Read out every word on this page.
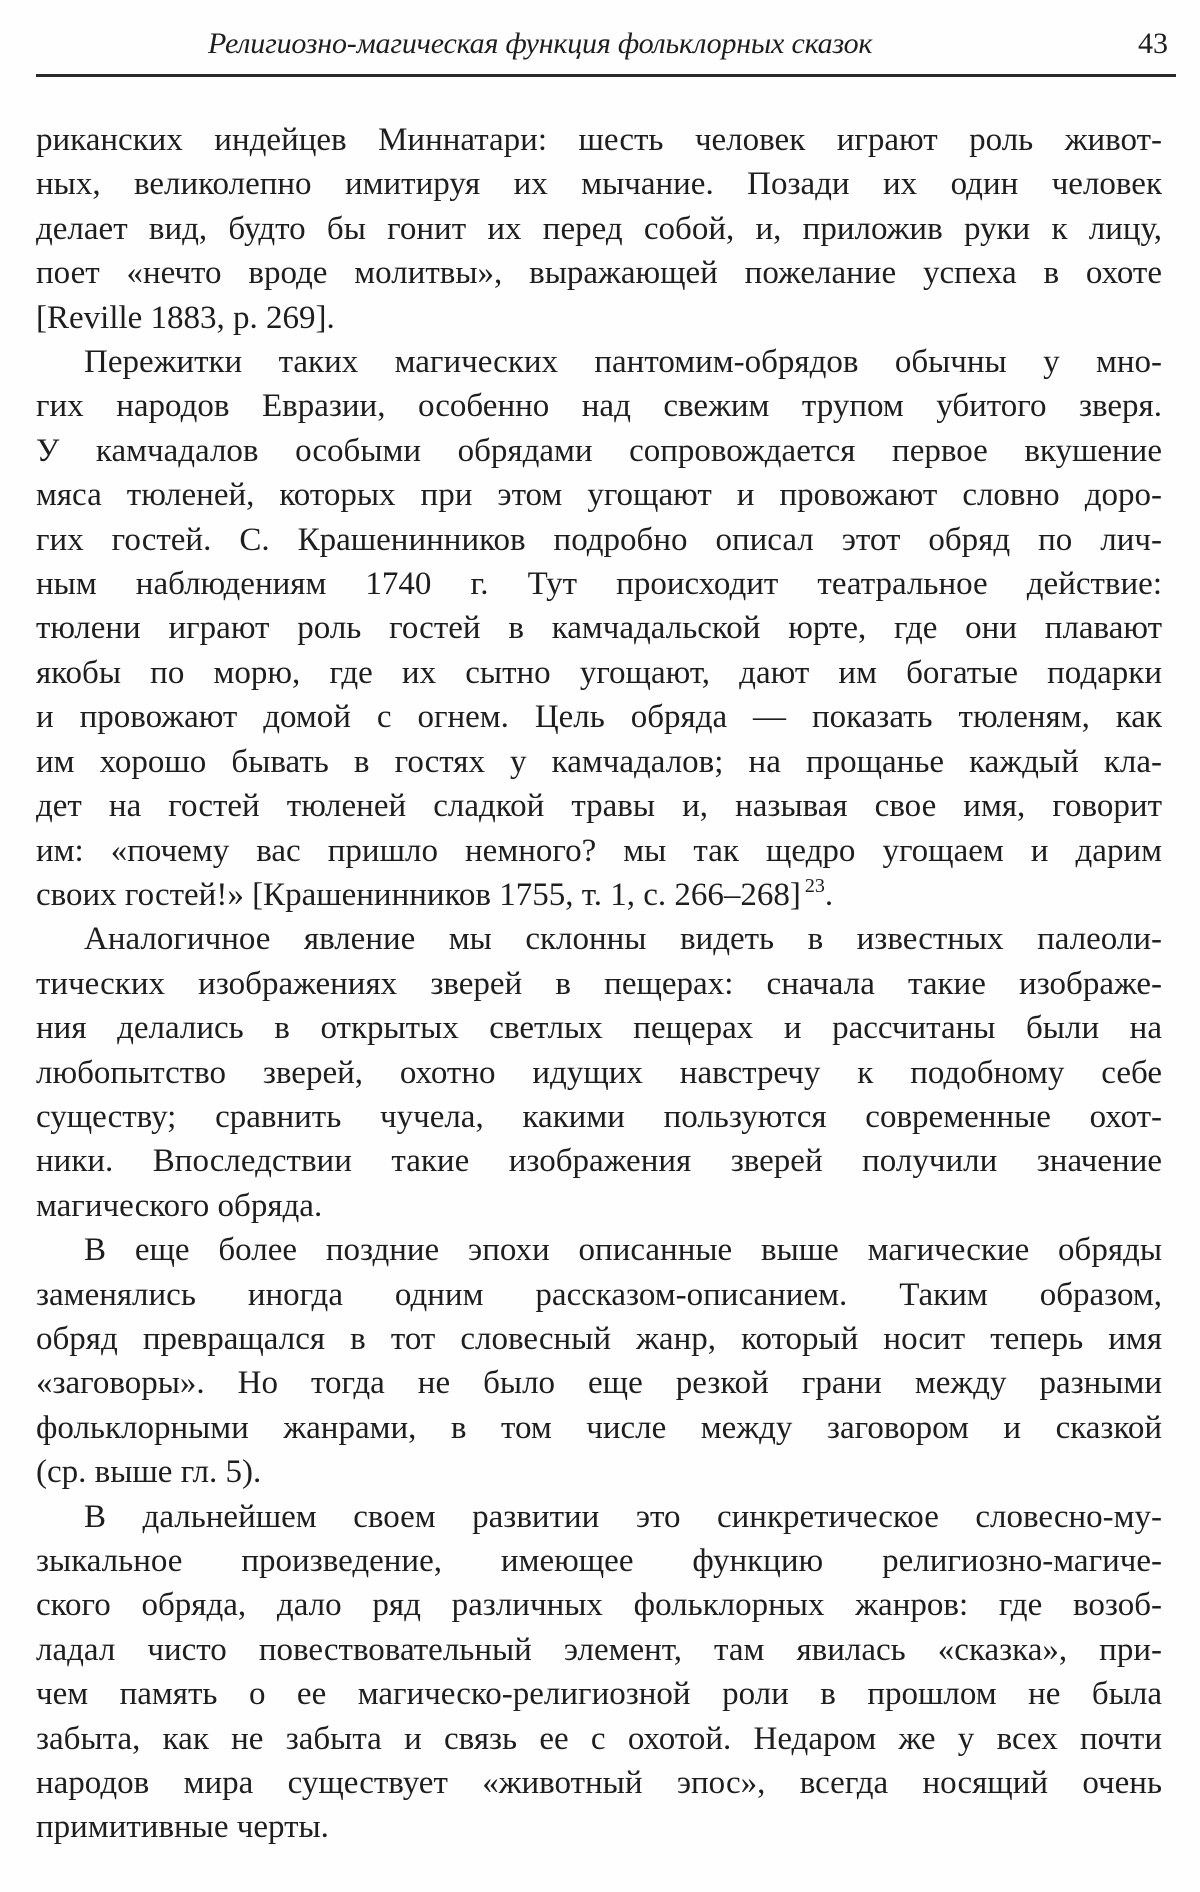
Религиозно-магическая функция фольклорных сказок	43

риканских индейцев Миннатари: шесть человек играют роль живот-
ных, великолепно имитируя их мычание. Позади их один человек
делает вид, будто бы гонит их перед собой, и, приложив руки к лицу,
поет «нечто вроде молитвы», выражающей пожелание успеха в охоте
[Reville 1883, p. 269].

Пережитки таких магических пантомим-обрядов обычны у мно-
гих народов Евразии, особенно над свежим трупом убитого зверя.
У камчадалов особыми обрядами сопровождается первое вкушение
мяса тюленей, которых при этом угощают и провожают словно доро-
гих гостей. С. Крашенинников подробно описал этот обряд по лич-
ным наблюдениям 1740 г. Тут происходит театральное действие:
тюлени играют роль гостей в камчадальской юрте, где они плавают
якобы по морю, где их сытно угощают, дают им богатые подарки
и провожают домой с огнем. Цель обряда — показать тюленям, как
им хорошо бывать в гостях у камчадалов; на прощанье каждый кла-
дет на гостей тюленей сладкой травы и, называя свое имя, говорит
им: «почему вас пришло немного? мы так щедро угощаем и дарим
своих гостей!» [Крашенинников 1755, т. 1, с. 266–268] $^{23}$.

Аналогичное явление мы склонны видеть в известных палеоли-
тических изображениях зверей в пещерах: сначала такие изображе-
ния делались в открытых светлых пещерах и рассчитаны были на
любопытство зверей, охотно идущих навстречу к подобному себе
существу; сравнить чучела, какими пользуются современные охот-
ники. Впоследствии такие изображения зверей получили значение
магического обряда.

В еще более поздние эпохи описанные выше магические обряды
заменялись иногда одним рассказом-описанием. Таким образом,
обряд превращался в тот словесный жанр, который носит теперь имя
«заговоры». Но тогда не было еще резкой грани между разными
фольклорными жанрами, в том числе между заговором и сказкой
(ср. выше гл. 5).

В дальнейшем своем развитии это синкретическое словесно-му-
зыкальное произведение, имеющее функцию религиозно-магиче-
ского обряда, дало ряд различных фольклорных жанров: где возоб-
ладал чисто повествовательный элемент, там явилась «сказка», при-
чем память о ее магическо-религиозной роли в прошлом не была
забыта, как не забыта и связь ее с охотой. Недаром же у всех почти
народов мира существует «животный эпос», всегда носящий очень
примитивные черты.
